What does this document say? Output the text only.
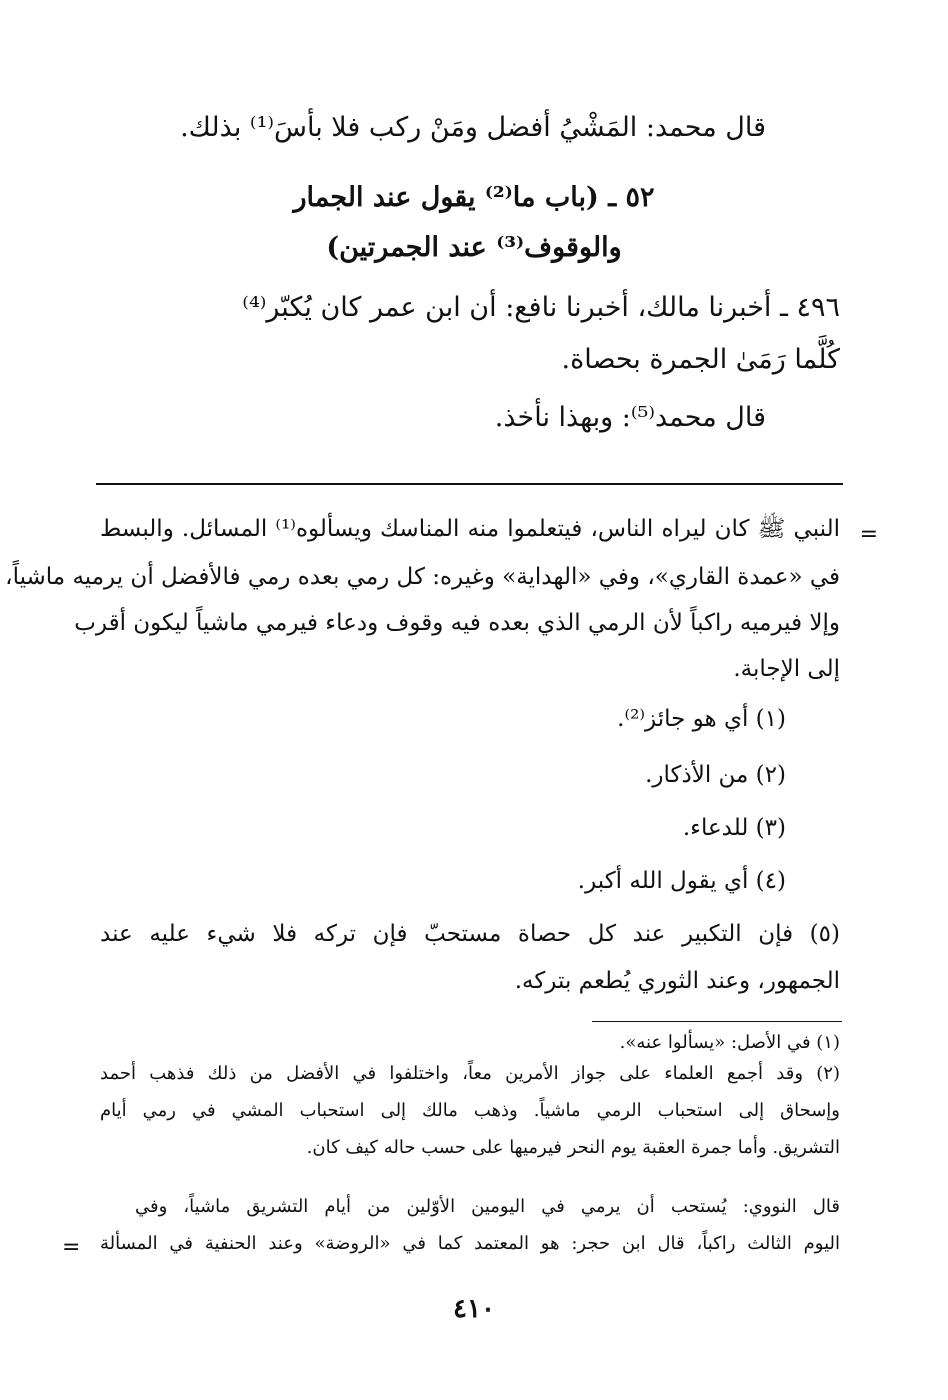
قال محمد: المَشْيُ أفضل ومَنْ ركب فلا بأسَ⁽¹⁾ بذلك.
٥٢ ـ (باب ما⁽²⁾ يقول عند الجمار
والوقوف⁽³⁾ عند الجمرتين)
٤٩٦ ـ أخبرنا مالك، أخبرنا نافع: أن ابن عمر كان يُكبّر⁽⁴⁾
كُلَّما رَمَىٰ الجمرة بحصاة.
قال محمد⁽⁵⁾: وبهذا نأخذ.
=
النبي ﷺ كان ليراه الناس، فيتعلموا منه المناسك ويسألوه⁽¹⁾ المسائل. والبسط
في «عمدة القاري»، وفي «الهداية» وغيره: كل رمي بعده رمي فالأفضل أن يرميه ماشياً،
وإلا فيرميه راكباً لأن الرمي الذي بعده فيه وقوف ودعاء فيرمي ماشياً ليكون أقرب
إلى الإجابة.
(١) أي هو جائز⁽²⁾.
(٢) من الأذكار.
(٣) للدعاء.
(٤) أي يقول الله أكبر.
(٥) فإن التكبير عند كل حصاة مستحبّ فإن تركه فلا شيء عليه عند
الجمهور، وعند الثوري يُطعم بتركه.
(١) في الأصل: «يسألوا عنه».
(٢) وقد أجمع العلماء على جواز الأمرين معاً، واختلفوا في الأفضل من ذلك فذهب أحمد
وإسحاق إلى استحباب الرمي ماشياً. وذهب مالك إلى استحباب المشي في رمي أيام
التشريق. وأما جمرة العقبة يوم النحر فيرميها على حسب حاله كيف كان.
قال النووي: يُستحب أن يرمي في اليومين الأوّلين من أيام التشريق ماشياً، وفي
اليوم الثالث راكباً، قال ابن حجر: هو المعتمد كما في «الروضة» وعند الحنفية في المسألة
=
٤١٠
